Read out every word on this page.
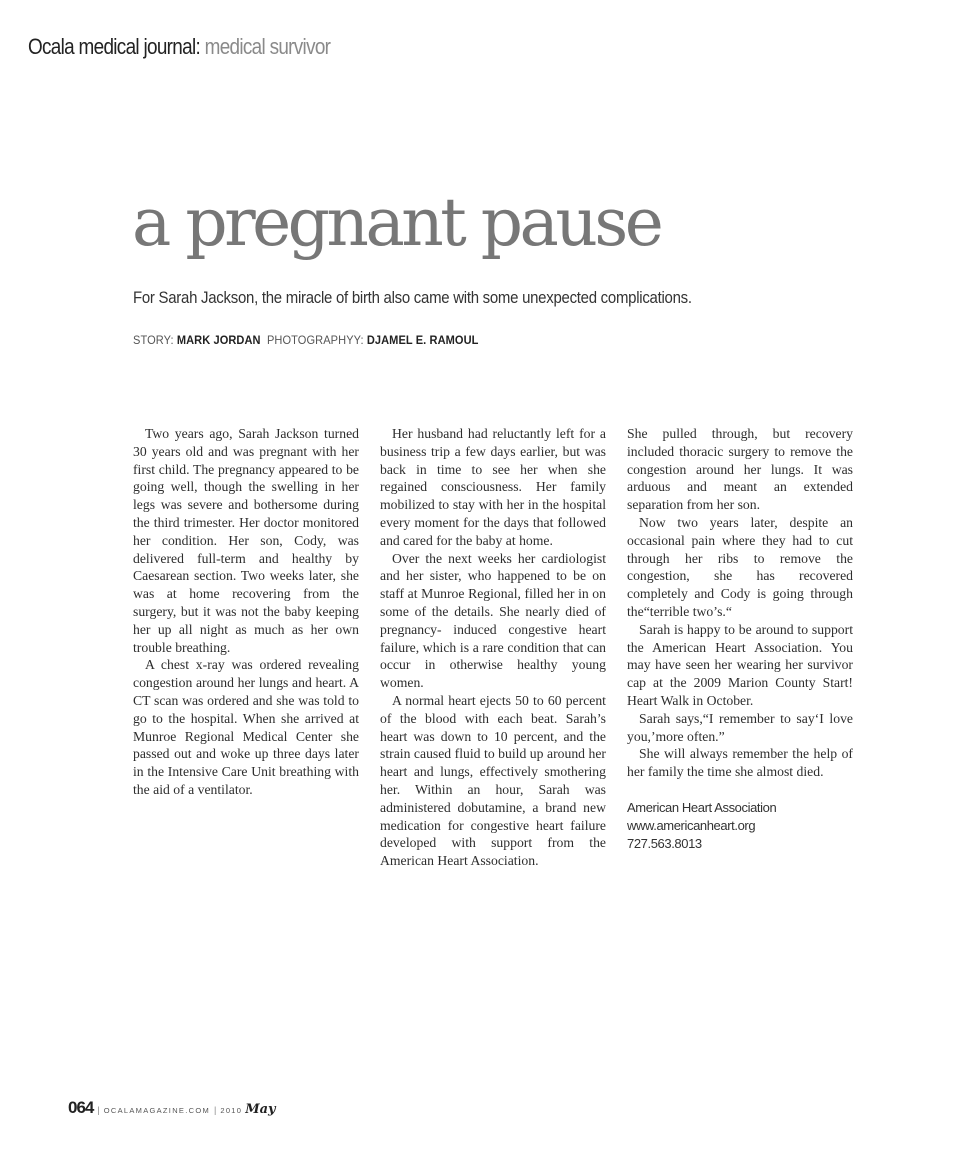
Ocala medical journal: medical survivor
a pregnant pause
For Sarah Jackson, the miracle of birth also came with some unexpected complications.
STORY: MARK JORDAN PHOTOGRAPHYY: DJAMEL E. RAMOUL

Two years ago, Sarah Jackson turned 30 years old and was pregnant with her first child. The pregnancy appeared to be going well, though the swelling in her legs was severe and bothersome during the third trimester. Her doctor monitored her condition. Her son, Cody, was delivered full-term and healthy by Caesarean section. Two weeks later, she was at home recovering from the surgery, but it was not the baby keeping her up all night as much as her own trouble breathing.

A chest x-ray was ordered revealing congestion around her lungs and heart. A CT scan was ordered and she was told to go to the hospital. When she arrived at Munroe Regional Medical Center she passed out and woke up three days later in the Intensive Care Unit breathing with the aid of a ventilator.

Her husband had reluctantly left for a business trip a few days earlier, but was back in time to see her when she regained consciousness. Her family mobilized to stay with her in the hospital every moment for the days that followed and cared for the baby at home.

Over the next weeks her cardiologist and her sister, who happened to be on staff at Munroe Regional, filled her in on some of the details. She nearly died of pregnancy- induced congestive heart failure, which is a rare condition that can occur in otherwise healthy young women.

A normal heart ejects 50 to 60 percent of the blood with each beat. Sarah’s heart was down to 10 percent, and the strain caused fluid to build up around her heart and lungs, effectively smothering her. Within an hour, Sarah was administered dobutamine, a brand new medication for congestive heart failure developed with support from the American Heart Association.

She pulled through, but recovery included thoracic surgery to remove the congestion around her lungs. It was arduous and meant an extended separation from her son.

Now two years later, despite an occasional pain where they had to cut through her ribs to remove the congestion, she has recovered completely and Cody is going through the“terrible two’s.“

Sarah is happy to be around to support the American Heart Association. You may have seen her wearing her survivor cap at the 2009 Marion County Start! Heart Walk in October.

Sarah says,“I remember to say‘I love you,’more often.”

She will always remember the help of her family the time she almost died.

American Heart Association
www.americanheart.org
727.563.8013
064 | OCALAMAGAZINE.COM | 2010 May
